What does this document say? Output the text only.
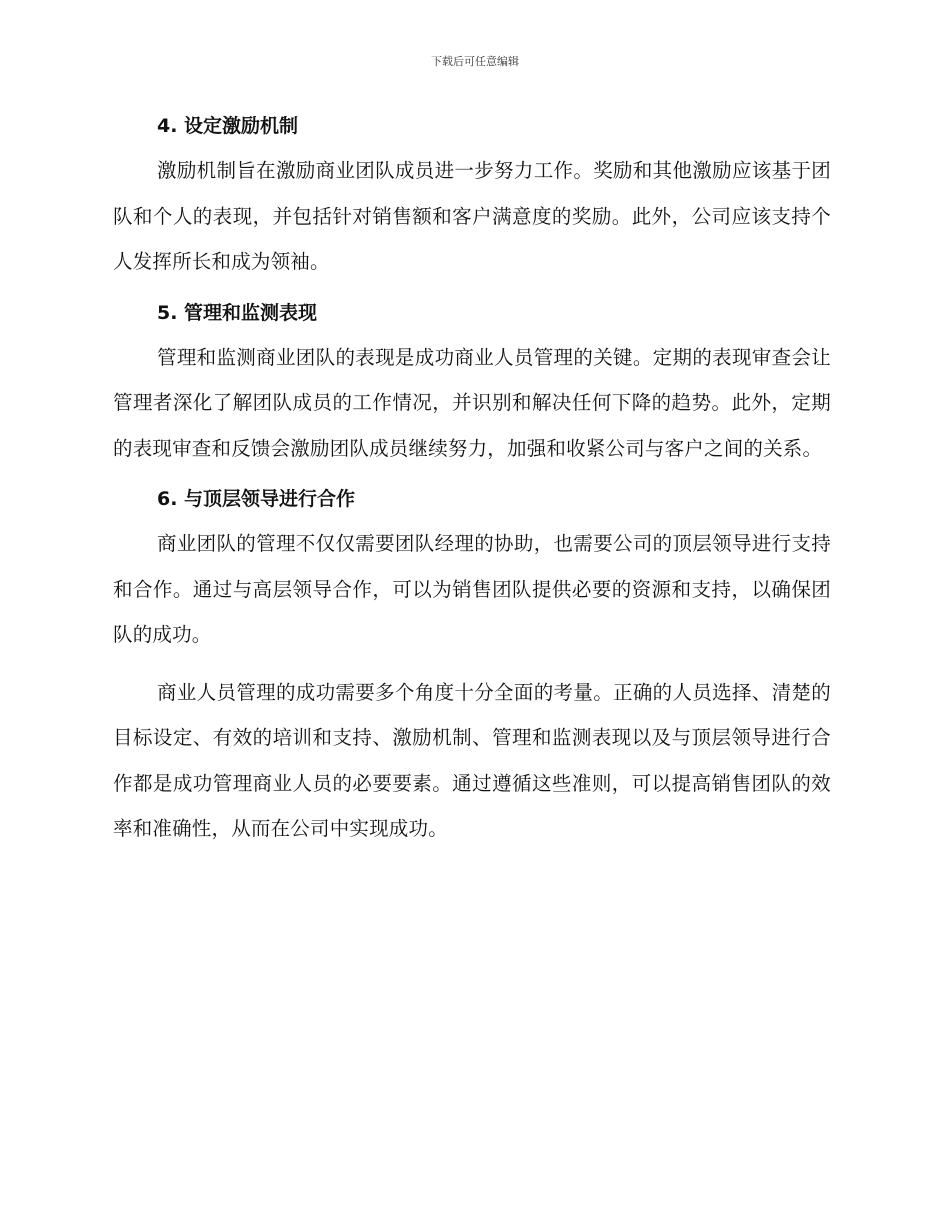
下载后可任意编辑
4. 设定激励机制

激励机制旨在激励商业团队成员进一步努力工作。奖励和其他激励应该基于团队和个人的表现，并包括针对销售额和客户满意度的奖励。此外，公司应该支持个人发挥所长和成为领袖。

5. 管理和监测表现

管理和监测商业团队的表现是成功商业人员管理的关键。定期的表现审查会让管理者深化了解团队成员的工作情况，并识别和解决任何下降的趋势。此外，定期的表现审查和反馈会激励团队成员继续努力，加强和收紧公司与客户之间的关系。

6. 与顶层领导进行合作

商业团队的管理不仅仅需要团队经理的协助，也需要公司的顶层领导进行支持和合作。通过与高层领导合作，可以为销售团队提供必要的资源和支持，以确保团队的成功。

商业人员管理的成功需要多个角度十分全面的考量。正确的人员选择、清楚的目标设定、有效的培训和支持、激励机制、管理和监测表现以及与顶层领导进行合作都是成功管理商业人员的必要要素。通过遵循这些准则，可以提高销售团队的效率和准确性，从而在公司中实现成功。
